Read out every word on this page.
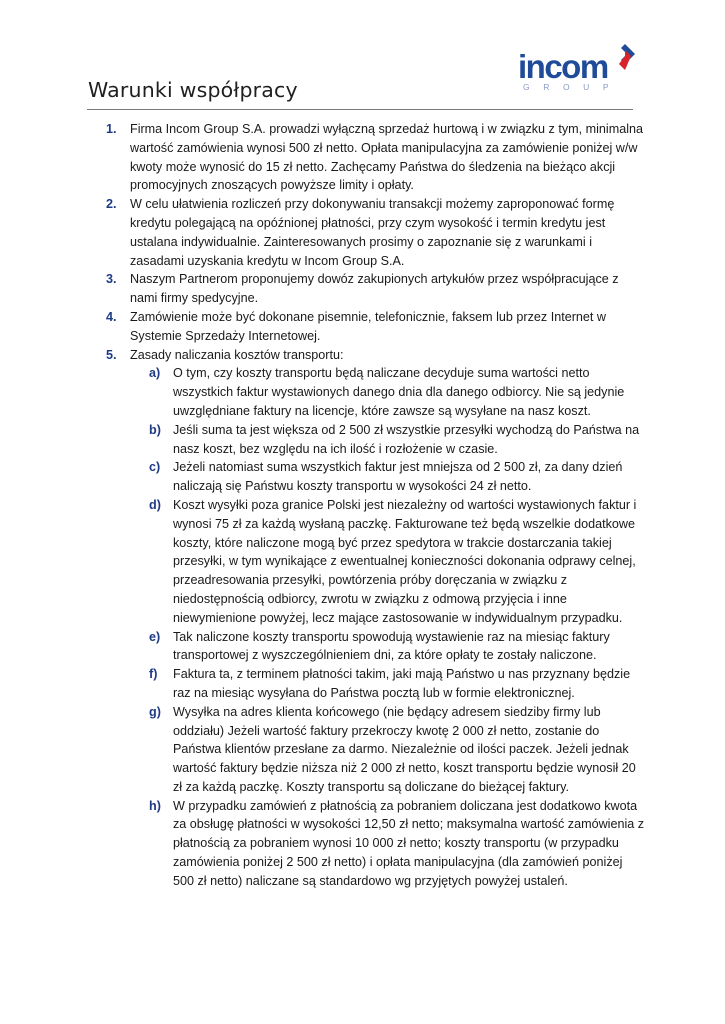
Warunki współpracy
incom
GROUP
1. Firma Incom Group S.A. prowadzi wyłączną sprzedaż hurtową i w związku z tym, minimalna wartość zamówienia wynosi 500 zł netto. Opłata manipulacyjna za zamówienie poniżej w/w kwoty może wynosić do 15 zł netto. Zachęcamy Państwa do śledzenia na bieżąco akcji promocyjnych znoszących powyższe limity i opłaty.
2. W celu ułatwienia rozliczeń przy dokonywaniu transakcji możemy zaproponować formę kredytu polegającą na opóźnionej płatności, przy czym wysokość i termin kredytu jest ustalana indywidualnie. Zainteresowanych prosimy o zapoznanie się z warunkami i zasadami uzyskania kredytu w Incom Group S.A.
3. Naszym Partnerom proponujemy dowóz zakupionych artykułów przez współpracujące z nami firmy spedycyjne.
4. Zamówienie może być dokonane pisemnie, telefonicznie, faksem lub przez Internet w Systemie Sprzedaży Internetowej.
5. Zasady naliczania kosztów transportu:
a) O tym, czy koszty transportu będą naliczane decyduje suma wartości netto wszystkich faktur wystawionych danego dnia dla danego odbiorcy. Nie są jedynie uwzględniane faktury na licencje, które zawsze są wysyłane na nasz koszt.
b) Jeśli suma ta jest większa od 2 500 zł wszystkie przesyłki wychodzą do Państwa na nasz koszt, bez względu na ich ilość i rozłożenie w czasie.
c) Jeżeli natomiast suma wszystkich faktur jest mniejsza od 2 500 zł, za dany dzień naliczają się Państwu koszty transportu w wysokości 24 zł netto.
d) Koszt wysyłki poza granice Polski jest niezależny od wartości wystawionych faktur i wynosi 75 zł za każdą wysłaną paczkę. Fakturowane też będą wszelkie dodatkowe koszty, które naliczone mogą być przez spedytora w trakcie dostarczania takiej przesyłki, w tym wynikające z ewentualnej konieczności dokonania odprawy celnej, przeadresowania przesyłki, powtórzenia próby doręczania w związku z niedostępnością odbiorcy, zwrotu w związku z odmową przyjęcia i inne niewymienione powyżej, lecz mające zastosowanie w indywidualnym przypadku.
e) Tak naliczone koszty transportu spowodują wystawienie raz na miesiąc faktury transportowej z wyszczególnieniem dni, za które opłaty te zostały naliczone.
f) Faktura ta, z terminem płatności takim, jaki mają Państwo u nas przyznany będzie raz na miesiąc wysyłana do Państwa pocztą lub w formie elektronicznej.
g) Wysyłka na adres klienta końcowego (nie będący adresem siedziby firmy lub oddziału) Jeżeli wartość faktury przekroczy kwotę 2 000 zł netto, zostanie do Państwa klientów przesłane za darmo. Niezależnie od ilości paczek. Jeżeli jednak wartość faktury będzie niższa niż 2 000 zł netto, koszt transportu będzie wynosił 20 zł za każdą paczkę. Koszty transportu są doliczane do bieżącej faktury.
h) W przypadku zamówień z płatnością za pobraniem doliczana jest dodatkowo kwota za obsługę płatności w wysokości 12,50 zł netto; maksymalna wartość zamówienia z płatnością za pobraniem wynosi 10 000 zł netto; koszty transportu (w przypadku zamówienia poniżej 2 500 zł netto) i opłata manipulacyjna (dla zamówień poniżej 500 zł netto) naliczane są standardowo wg przyjętych powyżej ustaleń.
